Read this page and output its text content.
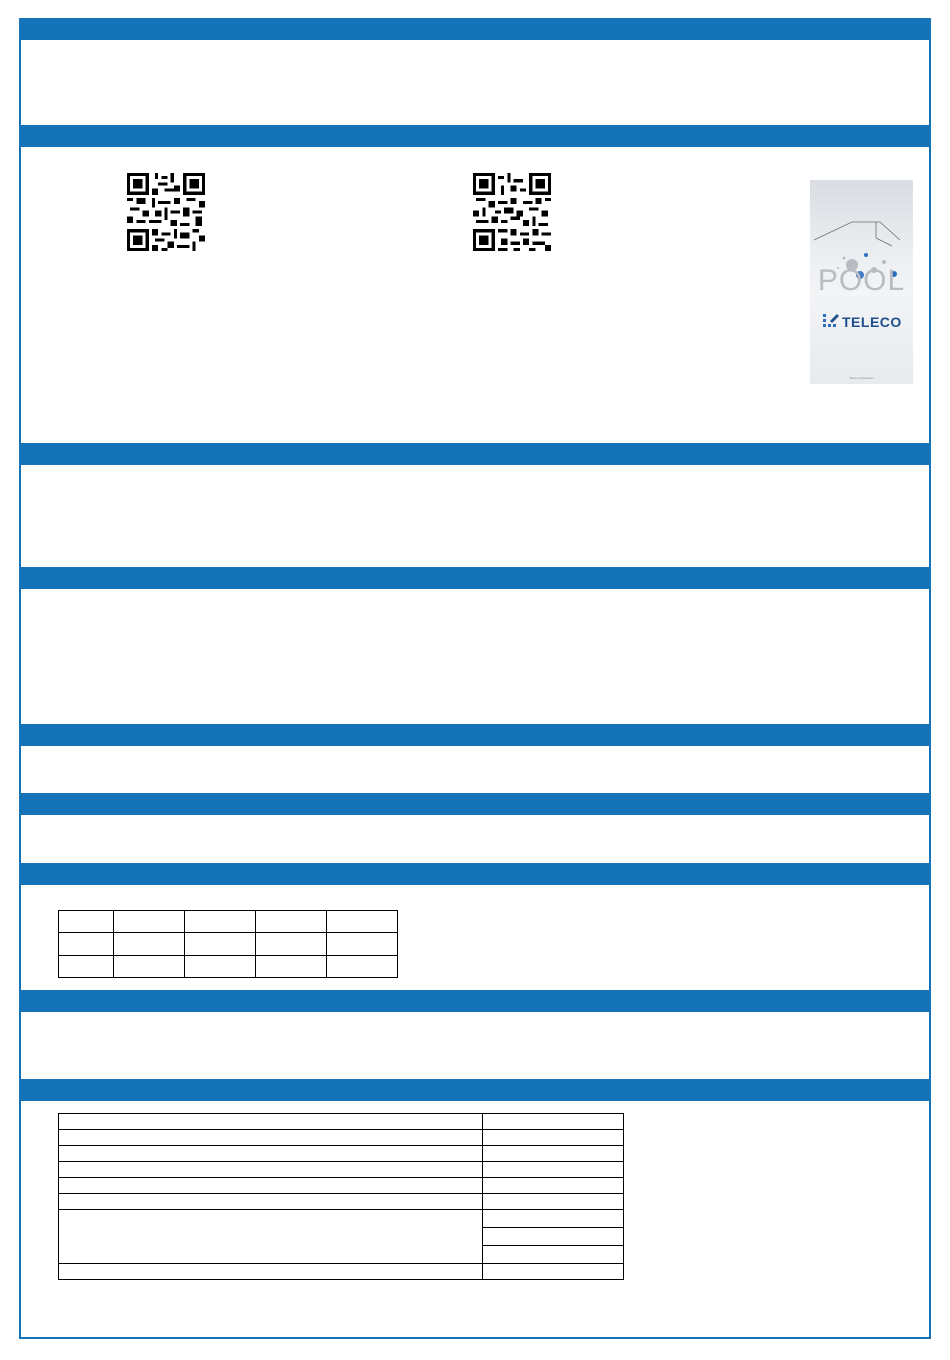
POOL
TELECO
Teleco Automation
